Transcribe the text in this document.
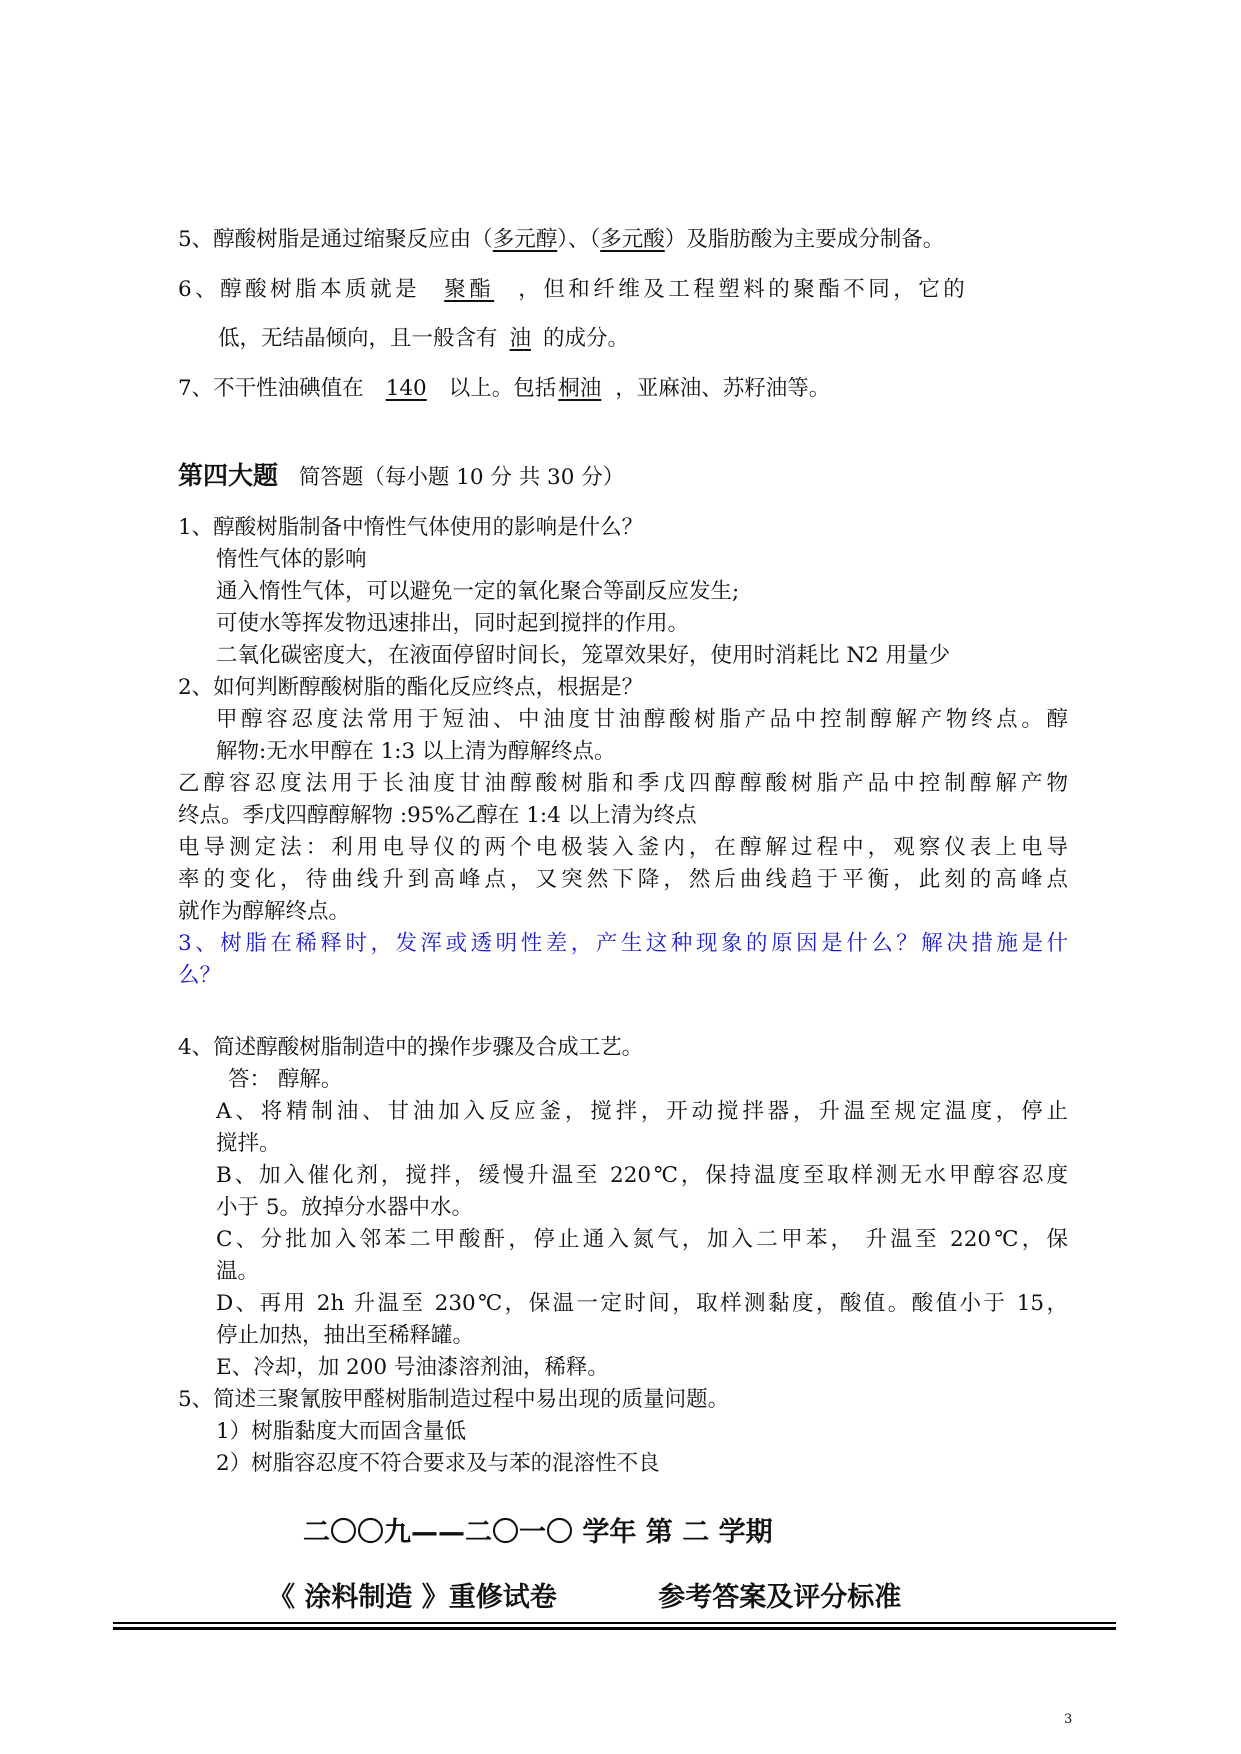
5、醇酸树脂是通过缩聚反应由（多元醇）、（多元酸）及脂肪酸为主要成分制备。
6、醇酸树脂本质就是 聚酯 ，但和纤维及工程塑料的聚酯不同，它的
低，无结晶倾向，且一般含有 油 的成分。
7、不干性油碘值在 140 以上。包括桐油 ，亚麻油、苏籽油等。
第四大题 简答题（每小题 10 分 共 30 分）
1、醇酸树脂制备中惰性气体使用的影响是什么？
惰性气体的影响
通入惰性气体，可以避免一定的氧化聚合等副反应发生;
可使水等挥发物迅速排出，同时起到搅拌的作用。
二氧化碳密度大，在液面停留时间长，笼罩效果好，使用时消耗比 N2 用量少
2、如何判断醇酸树脂的酯化反应终点，根据是？
甲醇容忍度法常用于短油、中油度甘油醇酸树脂产品中控制醇解产物终点。醇
解物:无水甲醇在 1:3 以上清为醇解终点。
乙醇容忍度法用于长油度甘油醇酸树脂和季戊四醇醇酸树脂产品中控制醇解产物
终点。季戊四醇醇解物 :95%乙醇在 1:4 以上清为终点
电导测定法：利用电导仪的两个电极装入釜内，在醇解过程中，观察仪表上电导
率的变化，待曲线升到高峰点，又突然下降，然后曲线趋于平衡，此刻的高峰点
就作为醇解终点。
3、树脂在稀释时，发浑或透明性差，产生这种现象的原因是什么？解决措施是什
么？
4、简述醇酸树脂制造中的操作步骤及合成工艺。
答： 醇解。
A、将精制油、甘油加入反应釜，搅拌，开动搅拌器，升温至规定温度，停止
搅拌。
B、加入催化剂，搅拌，缓慢升温至 220℃，保持温度至取样测无水甲醇容忍度
小于 5。放掉分水器中水。
C、分批加入邻苯二甲酸酐，停止通入氮气，加入二甲苯， 升温至 220℃，保
温。
D、再用 2h 升温至 230℃，保温一定时间，取样测黏度，酸值。酸值小于 15，
停止加热，抽出至稀释罐。
E、冷却，加 200 号油漆溶剂油，稀释。
5、简述三聚氰胺甲醛树脂制造过程中易出现的质量问题。
1）树脂黏度大而固含量低
2）树脂容忍度不符合要求及与苯的混溶性不良
二〇〇九——二〇一〇 学年 第 二 学期
《 涂料制造 》重修试卷	参考答案及评分标准
3
